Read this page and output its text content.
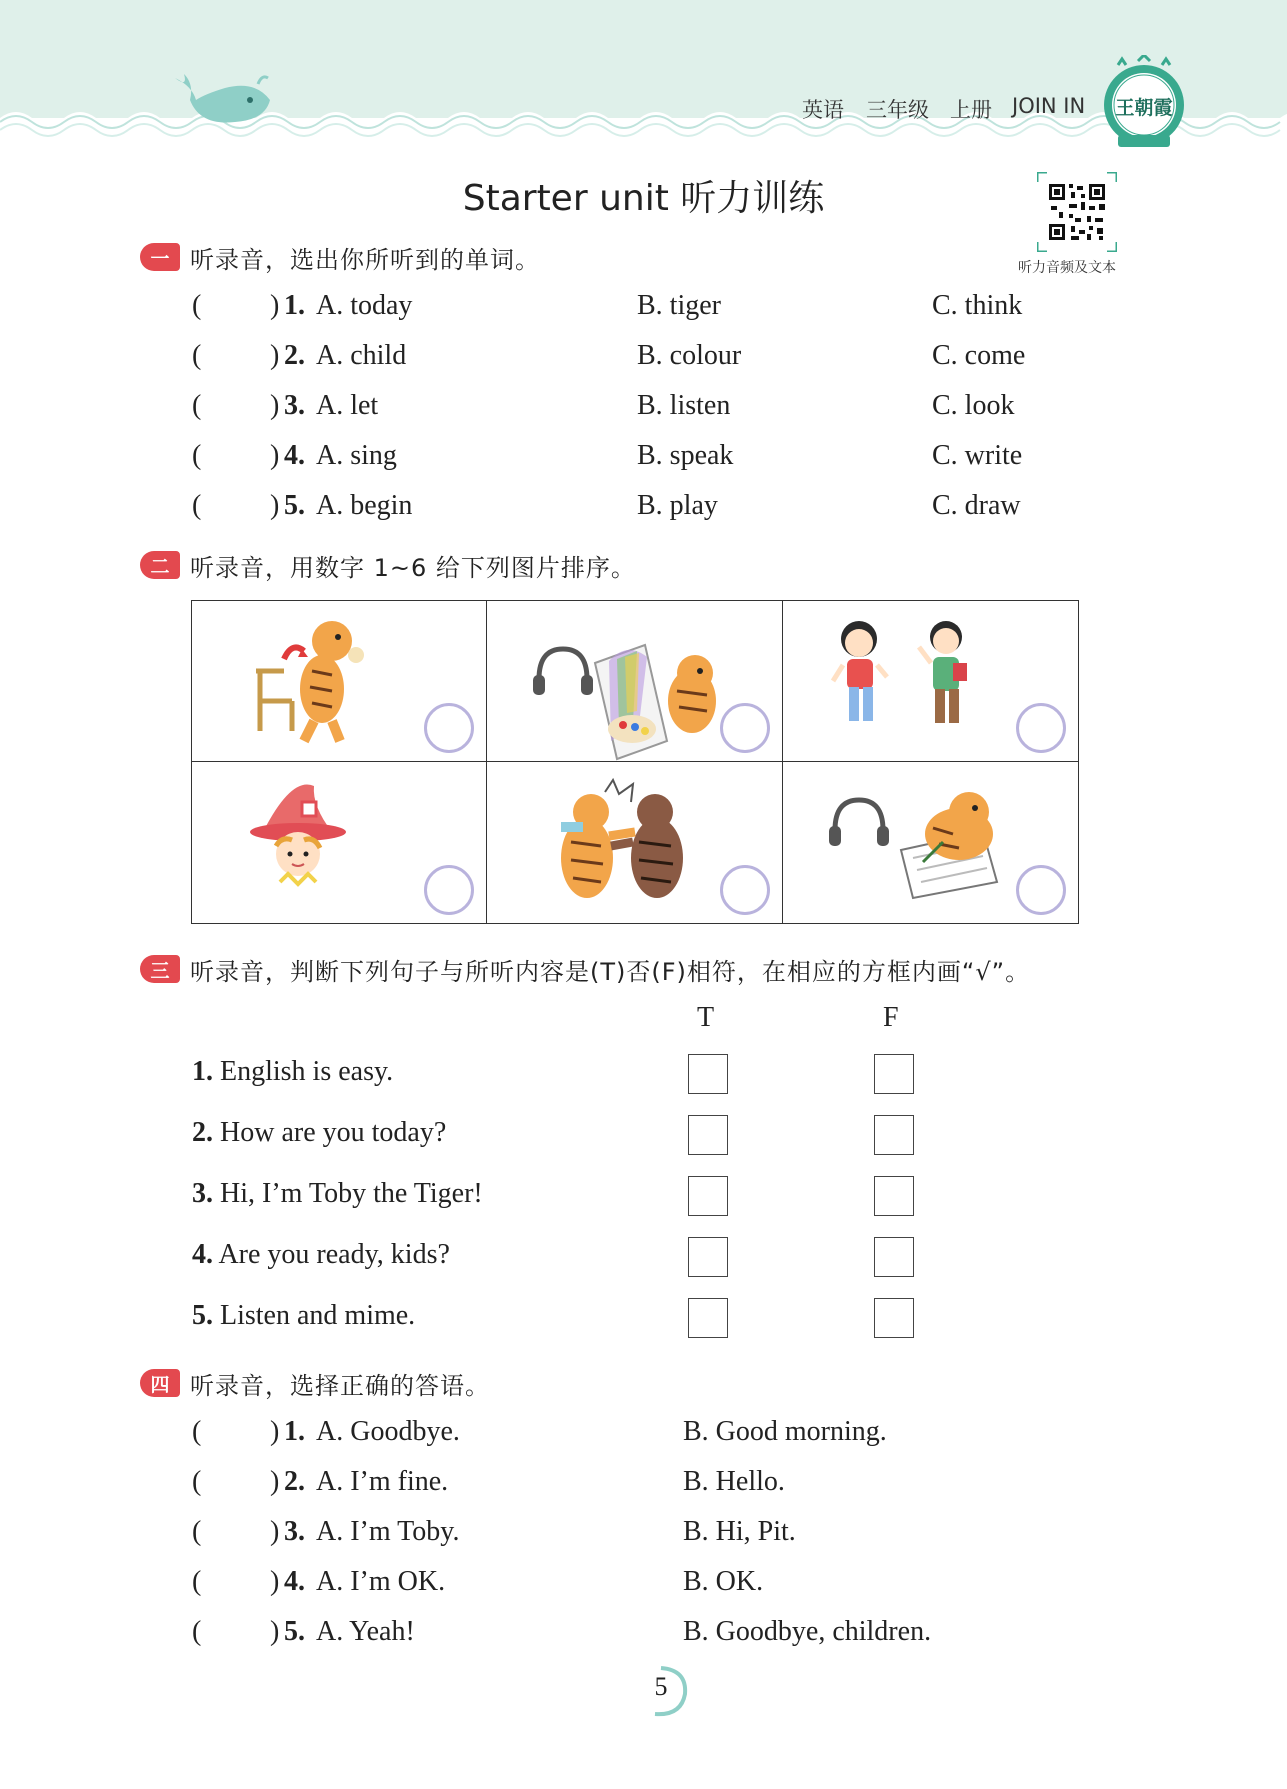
英语 三年级 上册 JOIN IN 王朝霞
Starter unit 听力训练
听力音频及文本
一 听录音，选出你所听到的单词。
( ) 1. A. today	B. tiger	C. think
( ) 2. A. child	B. colour	C. come
( ) 3. A. let	B. listen	C. look
( ) 4. A. sing	B. speak	C. write
( ) 5. A. begin	B. play	C. draw
二 听录音，用数字 1~6 给下列图片排序。
三 听录音，判断下列句子与所听内容是(T)否(F)相符，在相应的方框内画“√”。
T	F
1. English is easy.
2. How are you today?
3. Hi, I’m Toby the Tiger!
4. Are you ready, kids?
5. Listen and mime.
四 听录音，选择正确的答语。
( ) 1. A. Goodbye.	B. Good morning.
( ) 2. A. I’m fine.	B. Hello.
( ) 3. A. I’m Toby.	B. Hi, Pit.
( ) 4. A. I’m OK.	B. OK.
( ) 5. A. Yeah!	B. Goodbye, children.
5
